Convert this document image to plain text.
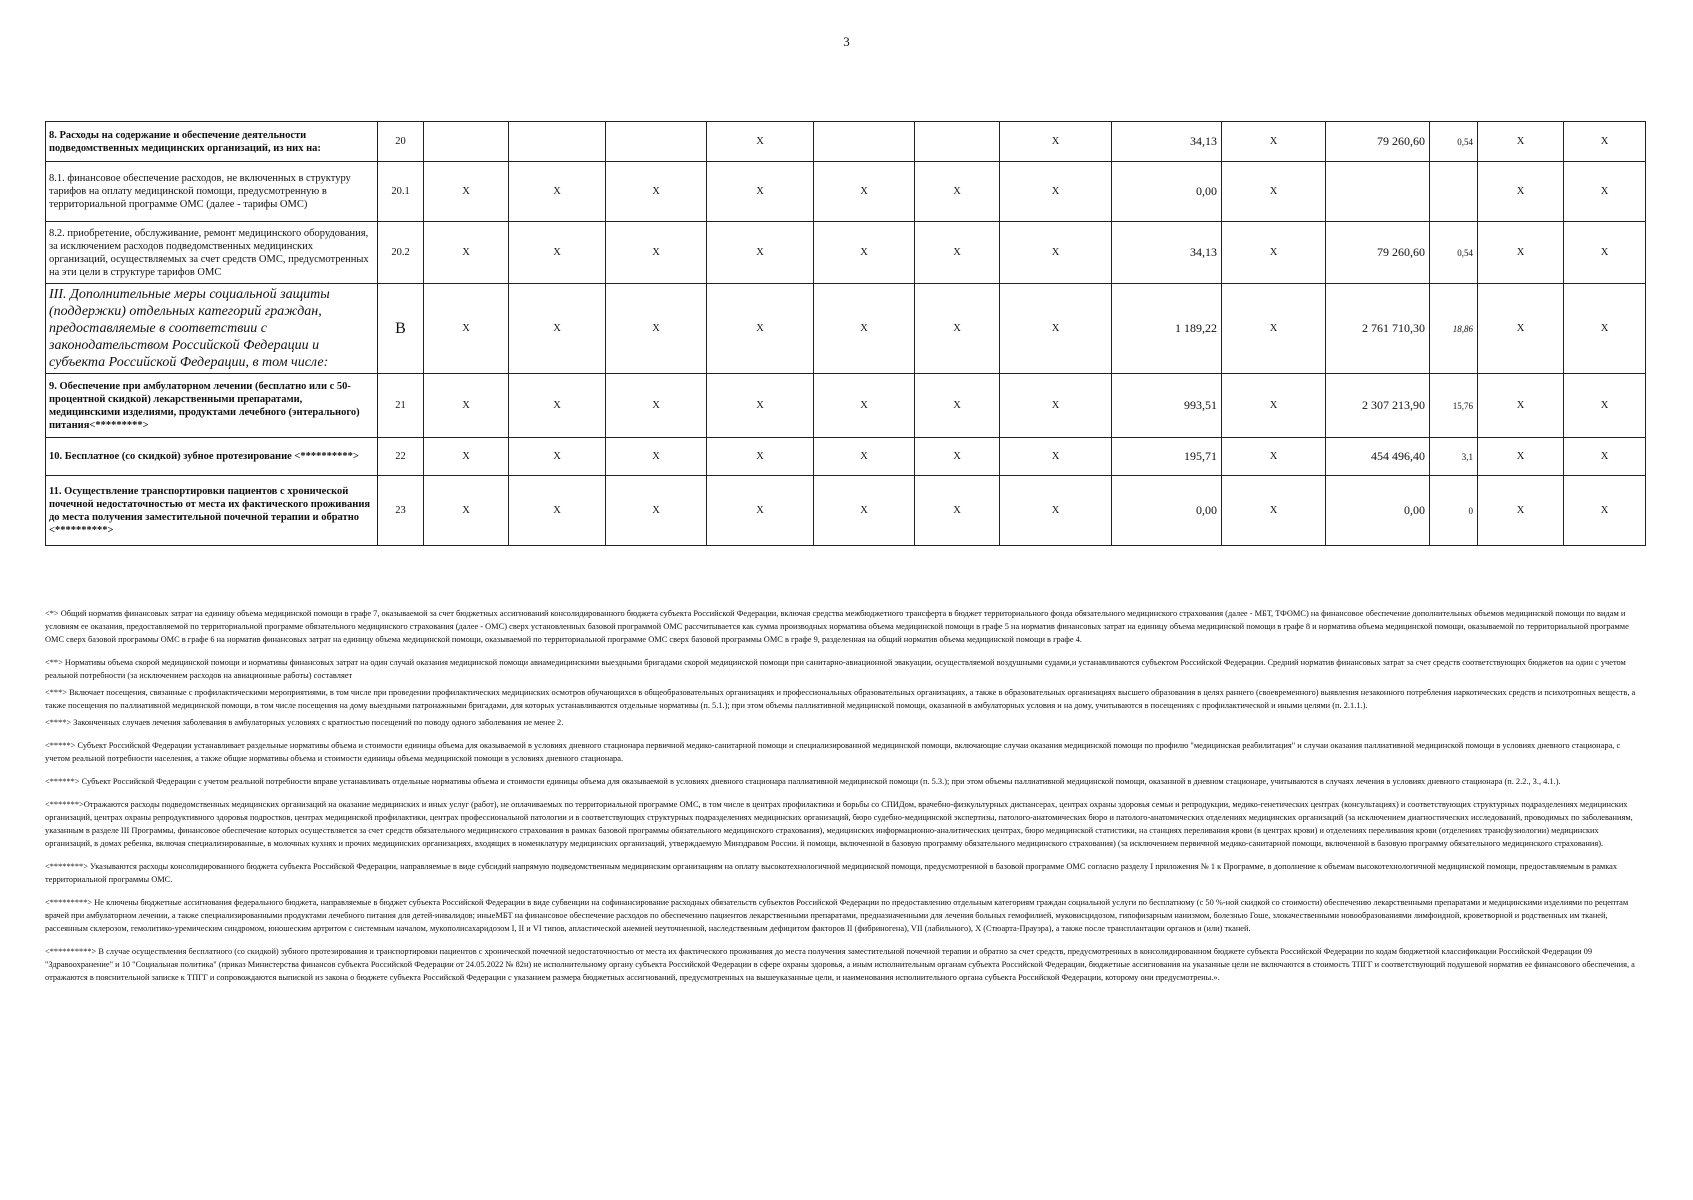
3
8. Расходы на содержание и обеспечение деятельности подведомственных медицинских организаций, из них на:	20				X			X	34,13	X	79 260,60	0,54	X	X
8.1. финансовое обеспечение расходов, не включенных в структуру тарифов на оплату медицинской помощи, предусмотренную в территориальной программе ОМС (далее - тарифы ОМС)	20.1	X	X	X	X	X	X	X	0,00	X			X	X
8.2. приобретение, обслуживание, ремонт медицинского оборудования, за исключением расходов подведомственных медицинских организаций, осуществляемых за счет средств ОМС, предусмотренных на эти цели в структуре тарифов ОМС	20.2	X	X	X	X	X	X	X	34,13	X	79 260,60	0,54	X	X
III. Дополнительные меры социальной защиты (поддержки) отдельных категорий граждан, предоставляемые в соответствии с законодательством Российской Федерации и субъекта Российской Федерации, в том числе:	B	X	X	X	X	X	X	X	1 189,22	X	2 761 710,30	18,86	X	X
9. Обеспечение при амбулаторном лечении (бесплатно или с 50-процентной скидкой) лекарственными препаратами, медицинскими изделиями, продуктами лечебного (энтерального) питания<*********>	21	X	X	X	X	X	X	X	993,51	X	2 307 213,90	15,76	X	X
10. Бесплатное (со скидкой) зубное протезирование <**********>	22	X	X	X	X	X	X	X	195,71	X	454 496,40	3,1	X	X
11. Осуществление транспортировки пациентов с хронической почечной недостаточностью от места их фактического проживания до места получения заместительной почечной терапии и обратно <**********>	23	X	X	X	X	X	X	X	0,00	X	0,00	0	X	X

<*> Общий норматив финансовых затрат на единицу объема медицинской помощи в графе 7, оказываемой за счет бюджетных ассигнований консолидированного бюджета субъекта Российской Федерации, включая средства межбюджетного трансферта в бюджет территориального фонда обязательного медицинского страхования (далее - МБТ, ТФОМС) на финансовое обеспечение дополнительных объемов медицинской помощи по видам и условиям ее оказания, предоставляемой по территориальной программе обязательного медицинского страхования (далее - ОМС) сверх установленных базовой программой ОМС рассчитывается как сумма производных норматива объема медицинской помощи в графе 5 на норматив финансовых затрат на единицу объема медицинской помощи в графе 8 и норматива объема медицинской помощи, оказываемой по территориальной программе ОМС сверх базовой программы ОМС в графе 6 на норматив финансовых затрат на единицу объема медицинской помощи, оказываемой по территориальной программе ОМС сверх базовой программы ОМС в графе 9, разделенная на общий норматив объема медицинской помощи в графе 4.

<**> Нормативы объема скорой медицинской помощи и нормативы финансовых затрат на один случай оказания медицинской помощи авиамедицинскими выездными бригадами скорой медицинской помощи при санитарно-авиационной эвакуации, осуществляемой воздушными судами,и устанавливаются субъектом Российской Федерации. Средний норматив финансовых затрат за счет средств соответствующих бюджетов на один с учетом реальной потребности (за исключением расходов на авиационные работы) составляет

<***> Включает посещения, связанные с профилактическими мероприятиями, в том числе при проведении профилактических медицинских осмотров обучающихся в общеобразовательных организациях и профессиональных образовательных организациях, а также в образовательных организациях высшего образования в целях раннего (своевременного) выявления незаконного потребления наркотических средств и психотропных веществ, а также посещения по паллиативной медицинской помощи, в том числе посещения на дому выездными патронажными бригадами, для которых устанавливаются отдельные нормативы (п. 5.1.); при этом объемы паллиативной медицинской помощи, оказанной в амбулаторных условия и на дому, учитываются в посещениях с профилактической и иными целями (п. 2.1.1.).

<****> Законченных случаев лечения заболевания в амбулаторных условиях с кратностью посещений по поводу одного заболевания не менее 2.

<*****> Субъект Российской Федерации устанавливает раздельные нормативы объема и стоимости единицы объема для оказываемой в условиях дневного стационара первичной медико-санитарной помощи и специализированной медицинской помощи, включающие случаи оказания медицинской помощи по профилю "медицинская реабилитация" и случаи оказания паллиативной медицинской помощи в условиях дневного стационара, с учетом реальной потребности населения, а также общие нормативы объема и стоимости единицы объема медицинской помощи в условиях дневного стационара.

<******> Субъект Российской Федерации с учетом реальной потребности вправе устанавливать отдельные нормативы объема и стоимости единицы объема для оказываемой в условиях дневного стационара паллиативной медицинской помощи (п. 5.3.); при этом объемы паллиативной медицинской помощи, оказанной в дневном стационаре, учитываются в случаях лечения в условиях дневного стационара (п. 2.2., 3., 4.1.).

<*******>Отражаются расходы подведомственных медицинских организаций на оказание медицинских и иных услуг (работ), не оплачиваемых по территориальной программе ОМС, в том числе в центрах профилактики и борьбы со СПИДом, врачебно-физкультурных диспансерах, центрах охраны здоровья семьи и репродукции, медико-генетических центрах (консультациях) и соответствующих структурных подразделениях медицинских организаций, центрах охраны репродуктивного здоровья подростков, центрах медицинской профилактики, центрах профессиональной патологии и в соответствующих структурных подразделениях медицинских организаций, бюро судебно-медицинской экспертизы, патолого-анатомических бюро и патолого-анатомических отделениях медицинских организаций (за исключением диагностических исследований, проводимых по заболеваниям, указанным в разделе III Программы, финансовое обеспечение которых осуществляется за счет средств обязательного медицинского страхования в рамках базовой программы обязательного медицинского страхования), медицинских информационно-аналитических центрах, бюро медицинской статистики, на станциях переливания крови (в центрах крови) и отделениях переливания крови (отделениях трансфузиологии) медицинских организаций, в домах ребенка, включая специализированные, в молочных кухнях и прочих медицинских организациях, входящих в номенклатуру медицинских организаций, утверждаемую Минздравом России. й помощи, включенной в базовую программу обязательного медицинского страхования) (за исключением первичной медико-санитарной помощи, включенной в базовую программу обязательного медицинского страхования).

<********> Указываются расходы консолидированного бюджета субъекта Российской Федерации, направляемые в виде субсидий напрямую подведомственным медицинским организациям на оплату высокотехнологичной медицинской помощи, предусмотренной в базовой программе ОМС согласно разделу I приложения № 1 к Программе, в дополнение к объемам высокотехнологичной медицинской помощи, предоставляемым в рамках территориальной программы ОМС.

<*********> Не ключены бюджетные ассигнования федерального бюджета, направляемые в бюджет субъекта Российской Федерации в виде субвенции на софинансирование расходных обязательств субъектов Российской Федерации по предоставлению отдельным категориям граждан социальной услуги по бесплатному (с 50 %-ной скидкой со стоимости) обеспечению лекарственными препаратами и медицинскими изделиями по рецептам врачей при амбулаторном лечении, а также специализированными продуктами лечебного питания для детей-инвалидов; иныеМБТ на финансовое обеспечение расходов по обеспечению пациентов лекарственными препаратами, предназначенными для лечения больных гемофилией, муковисцидозом, гипофизарным нанизмом, болезнью Гоше, злокачественными новообразованиями лимфоидной, кроветворной и родственных им тканей, рассеянным склерозом, гемолитико-уремическим синдромом, юношеским артритом с системным началом, мукополисахаридозом I, II и VI типов, апластической анемией неуточненной, наследственным дефицитом факторов II (фибриногена), VII (лабильного), X (Стюарта-Прауэра), а также после трансплантации органов и (или) тканей.

<**********> В случае осуществления бесплатного (со скидкой) зубного протезирования и транспортировки пациентов с хронической почечной недостаточностью от места их фактического проживания до места получения заместительной почечной терапии и обратно за счет средств, предусмотренных в консолидированном бюджете субъекта Российской Федерации по кодам бюджетной классификации Российской Федерации 09 "Здравоохранение" и 10 "Социальная политика" (приказ Министерства финансов субъекта Российской Федерации от 24.05.2022 № 82н) не исполнительному органу субъекта Российской Федерации в сфере охраны здоровья, а иным исполнительным органам субъекта Российской Федерации, бюджетные ассигнования на указанные цели не включаются в стоимость ТПГГ и соответствующий подушевой норматив ее финансового обеспечения, а отражаются в пояснительной записке к ТПГГ и сопровождаются выпиской из закона о бюджете субъекта Российской Федерации с указанием размера бюджетных ассигнований, предусмотренных на вышеуказанные цели, и наименования исполнительного органа субъекта Российской Федерации, которому они предусмотрены.».
